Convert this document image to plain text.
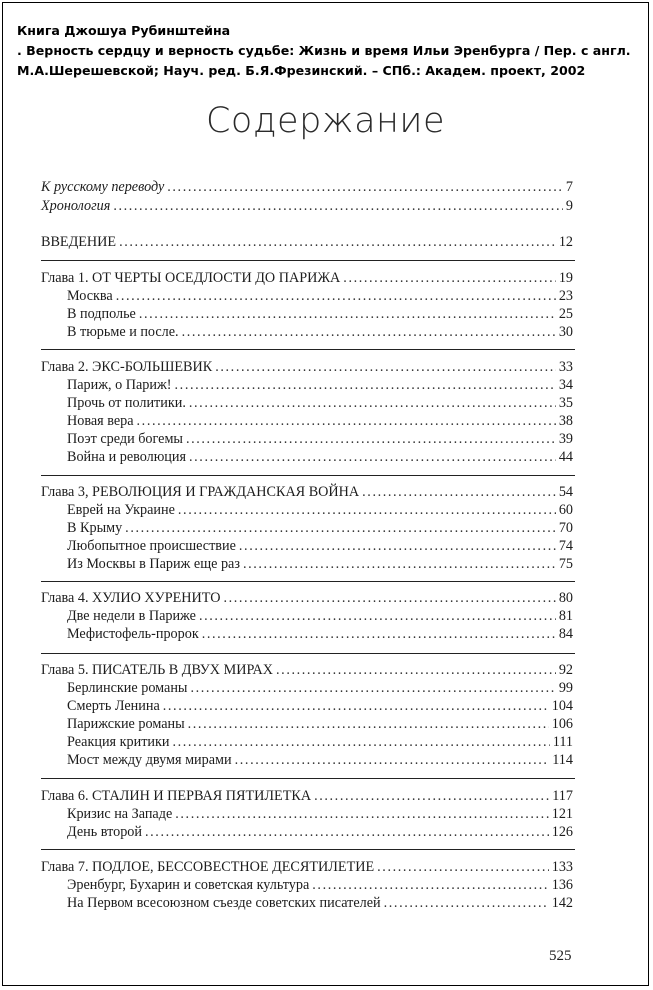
Книга Джошуа Рубинштейна
. Верность сердцу и верность судьбе: Жизнь и время Ильи Эренбурга / Пер. с англ.
М.А.Шерешевской; Науч. ред. Б.Я.Фрезинский. – СПб.: Академ. проект, 2002
Содержание
К русскому переводу .....	7
Хронология .....	9
ВВЕДЕНИЕ .....	12
Глава 1. ОТ ЧЕРТЫ ОСЕДЛОСТИ ДО ПАРИЖА .....	19
Москва .....	23
В подполье .....	25
В тюрьме и после. .....	30
Глава 2. ЭКС-БОЛЬШЕВИК .....	33
Париж, о Париж! .....	34
Прочь от политики. .....	35
Новая вера .....	38
Поэт среди богемы .....	39
Война и революция .....	44
Глава 3, РЕВОЛЮЦИЯ И ГРАЖДАНСКАЯ ВОЙНА .....	54
Еврей на Украине .....	60
В Крыму .....	70
Любопытное происшествие .....	74
Из Москвы в Париж еще раз .....	75
Глава 4. ХУЛИО ХУРЕНИТО .....	80
Две недели в Париже .....	81
Мефистофель-пророк .....	84
Глава 5. ПИСАТЕЛЬ В ДВУХ МИРАХ .....	92
Берлинские романы .....	99
Смерть Ленина .....	104
Парижские романы .....	106
Реакция критики .....	111
Мост между двумя мирами .....	114
Глава 6. СТАЛИН И ПЕРВАЯ ПЯТИЛЕТКА .....	117
Кризис на Западе .....	121
День второй .....	126
Глава 7. ПОДЛОЕ, БЕССОВЕСТНОЕ ДЕСЯТИЛЕТИЕ .....	133
Эренбург, Бухарин и советская культура .....	136
На Первом всесоюзном съезде советских писателей .....	142
525
